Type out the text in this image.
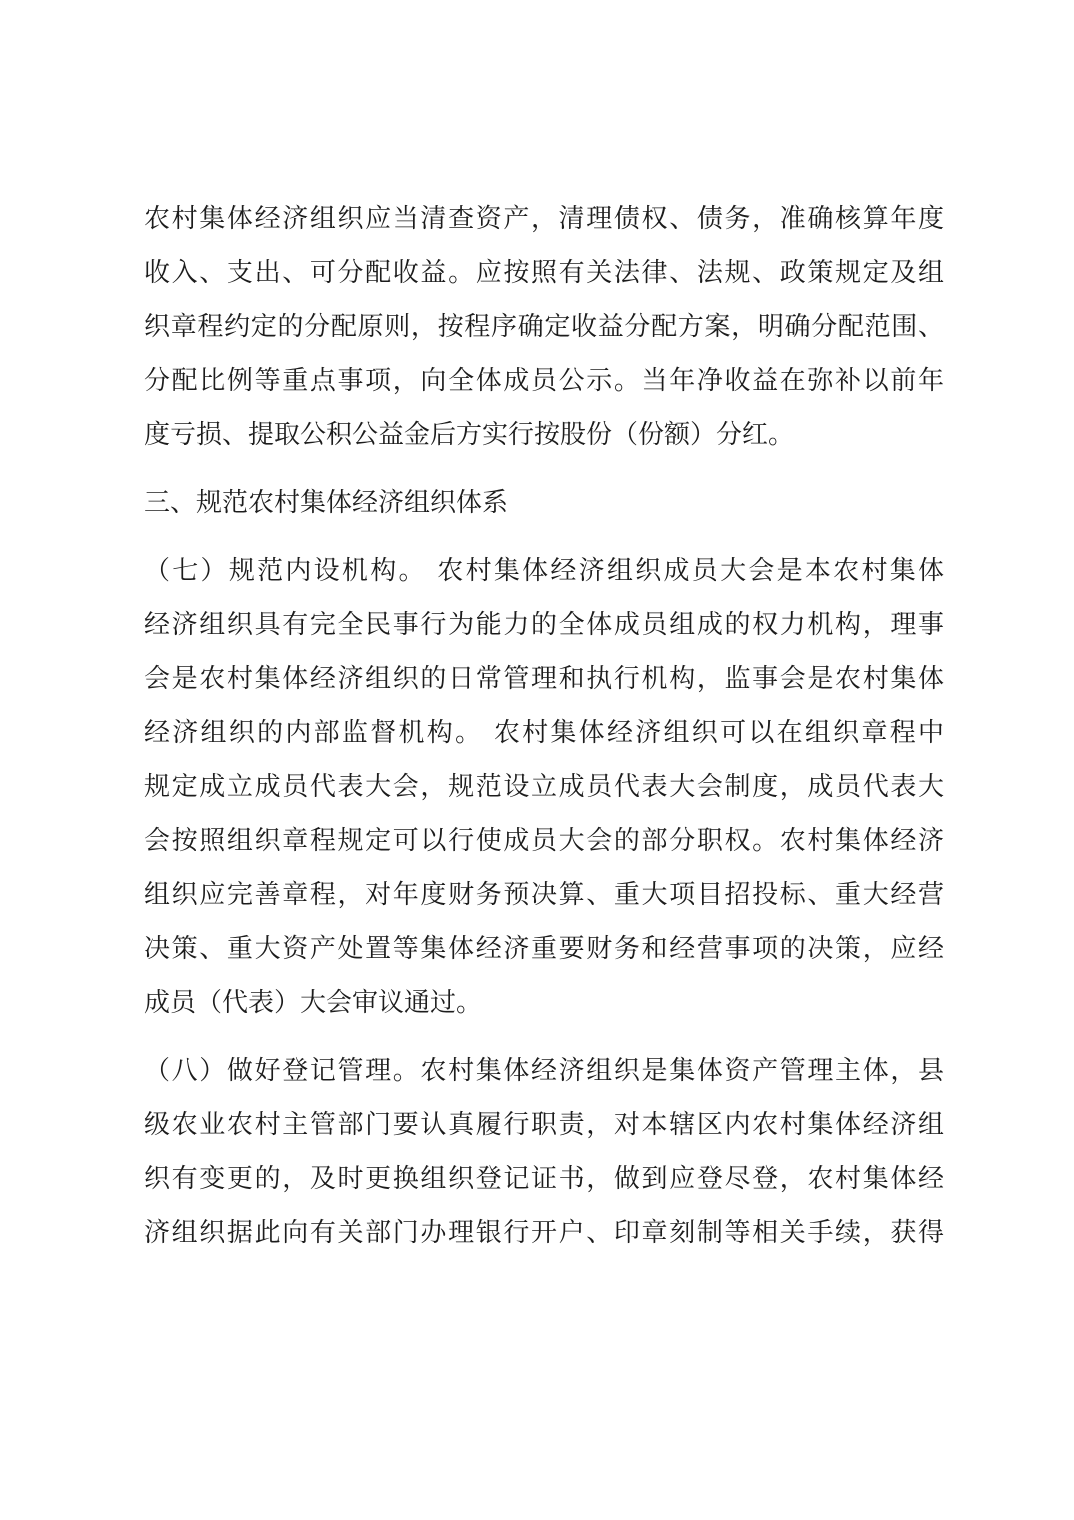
农村集体经济组织应当清查资产，清理债权、债务，准确核算年度
收入、支出、可分配收益。应按照有关法律、法规、政策规定及组
织章程约定的分配原则，按程序确定收益分配方案，明确分配范围、
分配比例等重点事项，向全体成员公示。当年净收益在弥补以前年
度亏损、提取公积公益金后方实行按股份（份额）分红。
三、规范农村集体经济组织体系
（七）规范内设机构。 农村集体经济组织成员大会是本农村集体
经济组织具有完全民事行为能力的全体成员组成的权力机构，理事
会是农村集体经济组织的日常管理和执行机构，监事会是农村集体
经济组织的内部监督机构。 农村集体经济组织可以在组织章程中
规定成立成员代表大会，规范设立成员代表大会制度，成员代表大
会按照组织章程规定可以行使成员大会的部分职权。农村集体经济
组织应完善章程，对年度财务预决算、重大项目招投标、重大经营
决策、重大资产处置等集体经济重要财务和经营事项的决策，应经
成员（代表）大会审议通过。
（八）做好登记管理。农村集体经济组织是集体资产管理主体，县
级农业农村主管部门要认真履行职责，对本辖区内农村集体经济组
织有变更的，及时更换组织登记证书，做到应登尽登，农村集体经
济组织据此向有关部门办理银行开户、印章刻制等相关手续，获得
